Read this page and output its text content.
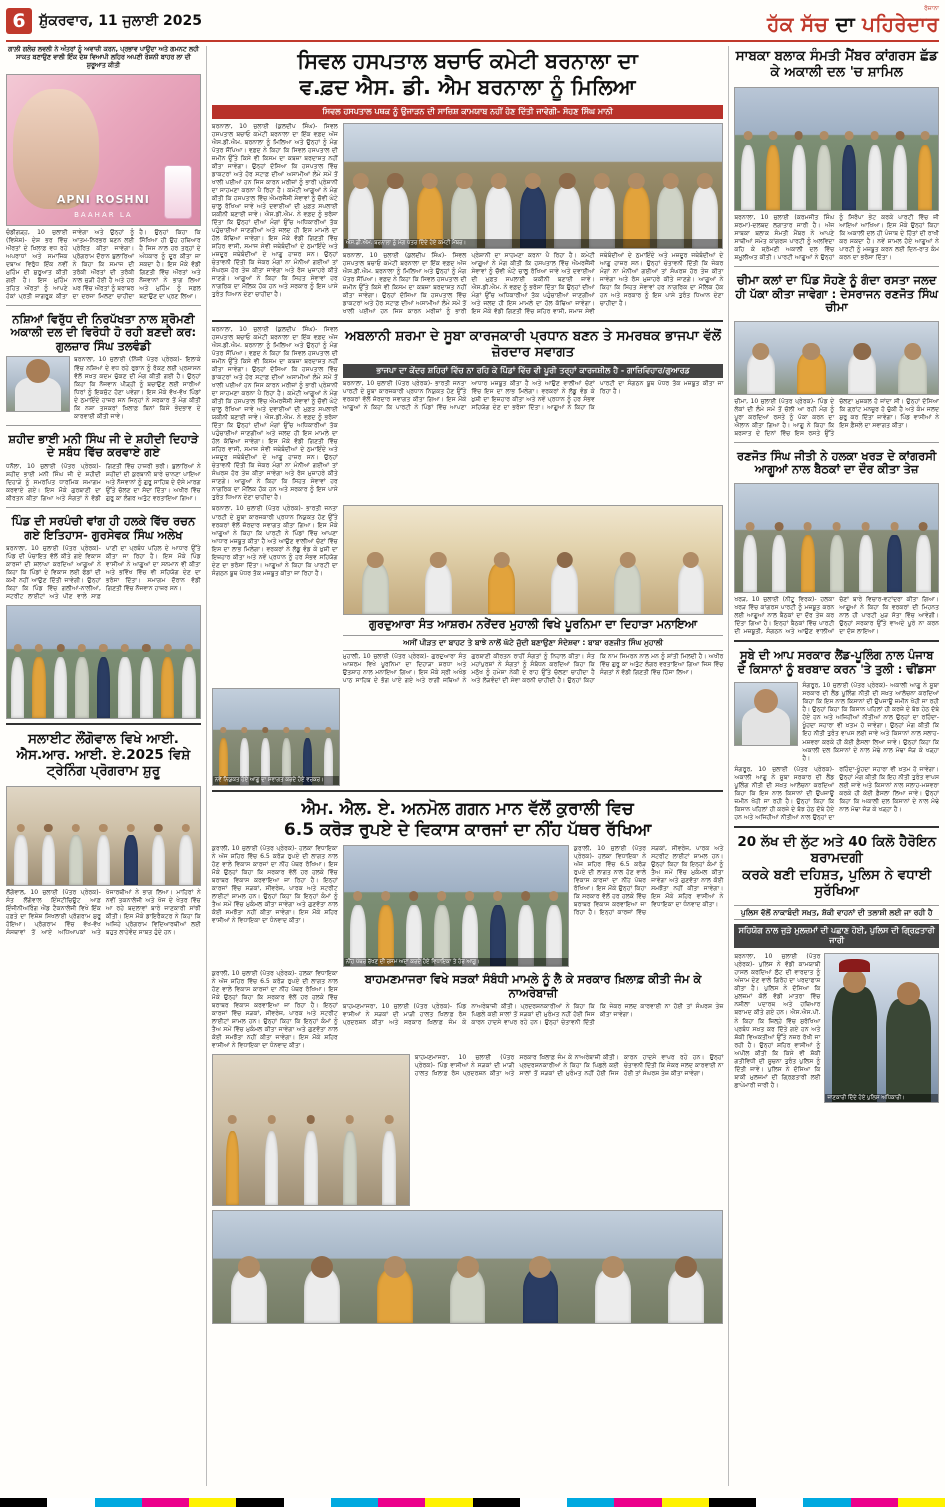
6 ਸ਼ੁੱਕਰਵਾਰ, 11 ਜੁਲਾਈ 2025
ਰੋਜ਼ਾਨਾ
ਹੱਕ ਸੱਚ ਦਾ ਪਹਿਰੇਦਾਰ
ਗਾਲ਼ੀ ਗਲੋਚ ਲਵਲੀ ਨੇ ਅੰਤਰਾਂ ਨੂੰ ਅਵਾਜ਼ੀ ਕਰਨ, ਪ੍ਰਭਾਵ ਪਾਉਂਦਾ ਅਤੇ ਗਮਨਟ ਲਹੀ ਸਾਕਤ ਬਣਾਉਣ ਵਾਲੀ ਇੰਕ ਦੇਸ਼ ਵਿਆਪੀ ਲਹਿਰ ਅਪਣੀ ਰੋਸ਼ਨੀ ਬਾਹਰ ਲਾ ਦੀ ਸ਼ੁਰੂਆਤ ਕੀਤੀ
APNI ROSHNI
BAAHAR LA
ਚੰਡੀਗੜ੍ਹ, 10 ਜੁਲਾਈ (ਵਿਸ਼ੇਸ਼)- ਦੇਸ਼ ਭਰ ਵਿੱਚ ਔਰਤਾਂ ਦੇ ਖ਼ਿਲਾਫ਼ ਵਧ ਰਹੇ ਅਪਰਾਧਾਂ ਅਤੇ ਸਮਾਜਿਕ ਦਬਾਅ ਵਿਰੁੱਧ ਇੱਕ ਨਵੀਂ ਮੁਹਿੰਮ ਦੀ ਸ਼ੁਰੂਆਤ ਕੀਤੀ ਗਈ ਹੈ। ਇਸ ਮੁਹਿੰਮ ਤਹਿਤ ਔਰਤਾਂ ਨੂੰ ਆਪਣੇ ਹੱਕਾਂ ਪ੍ਰਤੀ ਜਾਗਰੂਕ ਕੀਤਾ ਜਾਵੇਗਾ ਅਤੇ ਉਨ੍ਹਾਂ ਨੂੰ ਆਤਮ-ਨਿਰਭਰ ਬਣਨ ਲਈ ਪ੍ਰੇਰਿਤ ਕੀਤਾ ਜਾਵੇਗਾ। ਪ੍ਰੋਗਰਾਮ ਦੌਰਾਨ ਬੁਲਾਰਿਆਂ ਨੇ ਕਿਹਾ ਕਿ ਸਮਾਜ ਦੀ ਤਰੱਕੀ ਔਰਤਾਂ ਦੀ ਤਰੱਕੀ ਨਾਲ ਜੁੜੀ ਹੋਈ ਹੈ ਅਤੇ ਹਰ ਘਰ ਵਿੱਚ ਔਰਤਾਂ ਨੂੰ ਬਰਾਬਰ ਦਾ ਦਰਜਾ ਮਿਲਣਾ ਚਾਹੀਦਾ ਹੈ। ਉਨ੍ਹਾਂ ਕਿਹਾ ਕਿ ਸਿੱਖਿਆ ਹੀ ਉਹ ਹਥਿਆਰ ਹੈ ਜਿਸ ਨਾਲ ਹਰ ਤਰ੍ਹਾਂ ਦੇ ਅੰਧਕਾਰ ਨੂੰ ਦੂਰ ਕੀਤਾ ਜਾ ਸਕਦਾ ਹੈ। ਇਸ ਮੌਕੇ ਵੱਡੀ ਗਿਣਤੀ ਵਿੱਚ ਔਰਤਾਂ ਅਤੇ ਨੌਜਵਾਨਾਂ ਨੇ ਭਾਗ ਲਿਆ ਅਤੇ ਮੁਹਿੰਮ ਨੂੰ ਸਫ਼ਲ ਬਣਾਉਣ ਦਾ ਪ੍ਰਣ ਲਿਆ।
ਨਸ਼ਿਆਂ ਵਿਰੁੱਧ ਦੀ ਨਿਰਪੱਖਤਾ ਨਾਲ ਸ਼੍ਰੋਮਣੀ ਅਕਾਲੀ ਦਲ ਦੀ ਵਿਰੋਧੀ ਹੋ ਰਹੀ ਬਣਦੀ ਕਰ: ਗੁਲਜ਼ਾਰ ਸਿੰਘ ਤਲਵੰਡੀ
ਬਰਨਾਲਾ, 10 ਜੁਲਾਈ (ਨਿੱਜੀ ਪੱਤਰ ਪ੍ਰੇਰਕ)- ਇਲਾਕੇ ਵਿੱਚ ਨਸ਼ਿਆਂ ਦੇ ਵਧ ਰਹੇ ਰੁਝਾਨ ਨੂੰ ਰੋਕਣ ਲਈ ਪ੍ਰਸ਼ਾਸਨ ਵੱਲੋਂ ਸਖ਼ਤ ਕਦਮ ਚੁੱਕਣ ਦੀ ਮੰਗ ਕੀਤੀ ਗਈ ਹੈ। ਉਨ੍ਹਾਂ ਕਿਹਾ ਕਿ ਨੌਜਵਾਨ ਪੀੜ੍ਹੀ ਨੂੰ ਬਚਾਉਣ ਲਈ ਸਾਰੀਆਂ ਧਿਰਾਂ ਨੂੰ ਇਕਜੁੱਟ ਹੋਣਾ ਪਵੇਗਾ। ਇਸ ਮੌਕੇ ਵੱਖ-ਵੱਖ ਪਿੰਡਾਂ ਦੇ ਨੁਮਾਇੰਦੇ ਹਾਜ਼ਰ ਸਨ ਜਿਨ੍ਹਾਂ ਨੇ ਸਰਕਾਰ ਤੋਂ ਮੰਗ ਕੀਤੀ ਕਿ ਨਸ਼ਾ ਤਸਕਰਾਂ ਖ਼ਿਲਾਫ਼ ਬਿਨਾਂ ਕਿਸੇ ਭੇਦਭਾਵ ਦੇ ਕਾਰਵਾਈ ਕੀਤੀ ਜਾਵੇ।
ਸ਼ਹੀਦ ਭਾਈ ਮਨੀ ਸਿੰਘ ਜੀ ਦੇ ਸ਼ਹੀਦੀ ਦਿਹਾੜੇ ਦੇ ਸਬੰਧ ਵਿੱਚ ਕਰਵਾਏ ਗਏ
ਧਨੌਲਾ, 10 ਜੁਲਾਈ (ਪੱਤਰ ਪ੍ਰੇਰਕ)- ਸ਼ਹੀਦ ਭਾਈ ਮਨੀ ਸਿੰਘ ਜੀ ਦੇ ਸ਼ਹੀਦੀ ਦਿਹਾੜੇ ਨੂੰ ਸਮਰਪਿਤ ਧਾਰਮਿਕ ਸਮਾਗਮ ਕਰਵਾਏ ਗਏ। ਇਸ ਮੌਕੇ ਗੁਰਬਾਣੀ ਦਾ ਕੀਰਤਨ ਕੀਤਾ ਗਿਆ ਅਤੇ ਸੰਗਤਾਂ ਨੇ ਵੱਡੀ ਗਿਣਤੀ ਵਿੱਚ ਹਾਜ਼ਰੀ ਭਰੀ। ਬੁਲਾਰਿਆਂ ਨੇ ਸ਼ਹੀਦਾਂ ਦੀ ਕੁਰਬਾਨੀ ਬਾਰੇ ਚਾਨਣਾ ਪਾਇਆ ਅਤੇ ਨੌਜਵਾਨਾਂ ਨੂੰ ਗੁਰੂ ਸਾਹਿਬ ਦੇ ਦੱਸੇ ਮਾਰਗ ਉੱਤੇ ਚੱਲਣ ਦਾ ਸੱਦਾ ਦਿੱਤਾ। ਅਖੀਰ ਵਿੱਚ ਗੁਰੂ ਕਾ ਲੰਗਰ ਅਤੁੱਟ ਵਰਤਾਇਆ ਗਿਆ।
ਪਿੰਡ ਦੀ ਸਰਪੰਚੀ ਵਾਂਗ ਹੀ ਹਲਕੇ ਵਿੱਚ ਰਚਨ ਗਏ ਇਤਿਹਾਸ- ਗੁਰਸੇਵਕ ਸਿੰਘ ਅਲੇਖ
ਬਰਨਾਲਾ, 10 ਜੁਲਾਈ (ਪੱਤਰ ਪ੍ਰੇਰਕ)- ਪਿੰਡ ਦੀ ਪੰਚਾਇਤ ਵੱਲੋਂ ਕੀਤੇ ਗਏ ਵਿਕਾਸ ਕਾਰਜਾਂ ਦੀ ਸ਼ਲਾਘਾ ਕਰਦਿਆਂ ਆਗੂਆਂ ਨੇ ਕਿਹਾ ਕਿ ਪਿੰਡਾਂ ਦੇ ਵਿਕਾਸ ਲਈ ਫੰਡਾਂ ਦੀ ਕਮੀ ਨਹੀਂ ਆਉਣ ਦਿੱਤੀ ਜਾਵੇਗੀ। ਉਨ੍ਹਾਂ ਕਿਹਾ ਕਿ ਪਿੰਡ ਵਿੱਚ ਗਲੀਆਂ-ਨਾਲੀਆਂ, ਸਟਰੀਟ ਲਾਈਟਾਂ ਅਤੇ ਪੀਣ ਵਾਲੇ ਸਾਫ਼ ਪਾਣੀ ਦਾ ਪ੍ਰਬੰਧ ਪਹਿਲ ਦੇ ਆਧਾਰ ਉੱਤੇ ਕੀਤਾ ਜਾ ਰਿਹਾ ਹੈ। ਇਸ ਮੌਕੇ ਪਿੰਡ ਵਾਸੀਆਂ ਨੇ ਆਗੂਆਂ ਦਾ ਸਨਮਾਨ ਵੀ ਕੀਤਾ ਅਤੇ ਭਵਿੱਖ ਵਿੱਚ ਵੀ ਸਹਿਯੋਗ ਦੇਣ ਦਾ ਭਰੋਸਾ ਦਿੱਤਾ। ਸਮਾਗਮ ਦੌਰਾਨ ਵੱਡੀ ਗਿਣਤੀ ਵਿੱਚ ਨੌਜਵਾਨ ਹਾਜ਼ਰ ਸਨ।
ਸਲਾਈਟ ਲੌਂਗੋਵਾਲ ਵਿਖੇ ਆਈ. ਐਸ.ਆਰ. ਆਈ. ਏ.2025 ਵਿਸ਼ੇ ਟ੍ਰੇਨਿੰਗ ਪ੍ਰੋਗਰਾਮ ਸ਼ੁਰੂ
ਲੌਂਗੋਵਾਲ, 10 ਜੁਲਾਈ (ਪੱਤਰ ਪ੍ਰੇਰਕ)- ਸੰਤ ਲੌਂਗੋਵਾਲ ਇੰਸਟੀਚਿਊਟ ਆਫ਼ ਇੰਜੀਨੀਅਰਿੰਗ ਐਂਡ ਟੈਕਨਾਲੋਜੀ ਵਿਖੇ ਇੱਕ ਹਫ਼ਤੇ ਦਾ ਵਿਸ਼ੇਸ਼ ਸਿਖਲਾਈ ਪ੍ਰੋਗਰਾਮ ਸ਼ੁਰੂ ਹੋਇਆ। ਪ੍ਰੋਗਰਾਮ ਵਿੱਚ ਵੱਖ-ਵੱਖ ਸੰਸਥਾਵਾਂ ਤੋਂ ਆਏ ਅਧਿਆਪਕਾਂ ਅਤੇ ਖੋਜਾਰਥੀਆਂ ਨੇ ਭਾਗ ਲਿਆ। ਮਾਹਿਰਾਂ ਨੇ ਨਵੀਂ ਤਕਨਾਲੋਜੀ ਅਤੇ ਖੋਜ ਦੇ ਖੇਤਰ ਵਿੱਚ ਆ ਰਹੇ ਬਦਲਾਵਾਂ ਬਾਰੇ ਜਾਣਕਾਰੀ ਸਾਂਝੀ ਕੀਤੀ। ਇਸ ਮੌਕੇ ਡਾਇਰੈਕਟਰ ਨੇ ਕਿਹਾ ਕਿ ਅਜਿਹੇ ਪ੍ਰੋਗਰਾਮ ਵਿਦਿਆਰਥੀਆਂ ਲਈ ਬਹੁਤ ਲਾਹੇਵੰਦ ਸਾਬਤ ਹੁੰਦੇ ਹਨ।
ਸਿਵਲ ਹਸਪਤਾਲ ਬਚਾਓ ਕਮੇਟੀ ਬਰਨਾਲਾ ਦਾ
ਵ.ਫ਼ਦ ਐਸ. ਡੀ. ਐਮ ਬਰਨਾਲਾ ਨੂੰ ਮਿਲਿਆ
ਸਿਵਲ ਹਸਪਤਾਲ ਪਥਕ ਨੂੰ ਉਜਾੜਨ ਦੀ ਸਾਜ਼ਿਸ਼ ਕਾਮਯਾਬ ਨਹੀਂ ਹੋਣ ਦਿੱਤੀ ਜਾਵੇਗੀ- ਸੋਹਣ ਸਿੰਘ ਮਾਨੀ
ਬਰਨਾਲਾ, 10 ਜੁਲਾਈ (ਕੁਲਦੀਪ ਸਿੰਘ)- ਸਿਵਲ ਹਸਪਤਾਲ ਬਚਾਓ ਕਮੇਟੀ ਬਰਨਾਲਾ ਦਾ ਇੱਕ ਵਫ਼ਦ ਅੱਜ ਐਸ.ਡੀ.ਐਮ. ਬਰਨਾਲਾ ਨੂੰ ਮਿਲਿਆ ਅਤੇ ਉਨ੍ਹਾਂ ਨੂੰ ਮੰਗ ਪੱਤਰ ਸੌਂਪਿਆ। ਵਫ਼ਦ ਨੇ ਕਿਹਾ ਕਿ ਸਿਵਲ ਹਸਪਤਾਲ ਦੀ ਜ਼ਮੀਨ ਉੱਤੇ ਕਿਸੇ ਵੀ ਕਿਸਮ ਦਾ ਕਬਜ਼ਾ ਬਰਦਾਸ਼ਤ ਨਹੀਂ ਕੀਤਾ ਜਾਵੇਗਾ। ਉਨ੍ਹਾਂ ਦੱਸਿਆ ਕਿ ਹਸਪਤਾਲ ਵਿੱਚ ਡਾਕਟਰਾਂ ਅਤੇ ਹੋਰ ਸਟਾਫ਼ ਦੀਆਂ ਅਸਾਮੀਆਂ ਲੰਮੇ ਸਮੇਂ ਤੋਂ ਖਾਲੀ ਪਈਆਂ ਹਨ ਜਿਸ ਕਾਰਨ ਮਰੀਜ਼ਾਂ ਨੂੰ ਭਾਰੀ ਪ੍ਰੇਸ਼ਾਨੀ ਦਾ ਸਾਹਮਣਾ ਕਰਨਾ ਪੈ ਰਿਹਾ ਹੈ। ਕਮੇਟੀ ਆਗੂਆਂ ਨੇ ਮੰਗ ਕੀਤੀ ਕਿ ਹਸਪਤਾਲ ਵਿੱਚ ਐਮਰਜੈਂਸੀ ਸੇਵਾਵਾਂ ਨੂੰ ਚੌਵੀ ਘੰਟੇ ਚਾਲੂ ਰੱਖਿਆ ਜਾਵੇ ਅਤੇ ਦਵਾਈਆਂ ਦੀ ਮੁਫ਼ਤ ਸਪਲਾਈ ਯਕੀਨੀ ਬਣਾਈ ਜਾਵੇ। ਐਸ.ਡੀ.ਐਮ. ਨੇ ਵਫ਼ਦ ਨੂੰ ਭਰੋਸਾ ਦਿੱਤਾ ਕਿ ਉਨ੍ਹਾਂ ਦੀਆਂ ਮੰਗਾਂ ਉੱਚ ਅਧਿਕਾਰੀਆਂ ਤੱਕ ਪਹੁੰਚਾਈਆਂ ਜਾਣਗੀਆਂ ਅਤੇ ਜਲਦ ਹੀ ਇਸ ਮਾਮਲੇ ਦਾ ਹੱਲ ਕੱਢਿਆ ਜਾਵੇਗਾ। ਇਸ ਮੌਕੇ ਵੱਡੀ ਗਿਣਤੀ ਵਿੱਚ ਸ਼ਹਿਰ ਵਾਸੀ, ਸਮਾਜ ਸੇਵੀ ਜਥੇਬੰਦੀਆਂ ਦੇ ਨੁਮਾਇੰਦੇ ਅਤੇ ਮਜ਼ਦੂਰ ਜਥੇਬੰਦੀਆਂ ਦੇ ਆਗੂ ਹਾਜ਼ਰ ਸਨ। ਉਨ੍ਹਾਂ ਚੇਤਾਵਨੀ ਦਿੱਤੀ ਕਿ ਜੇਕਰ ਮੰਗਾਂ ਨਾ ਮੰਨੀਆਂ ਗਈਆਂ ਤਾਂ ਸੰਘਰਸ਼ ਹੋਰ ਤੇਜ਼ ਕੀਤਾ ਜਾਵੇਗਾ ਅਤੇ ਰੋਸ ਮੁਜ਼ਾਹਰੇ ਕੀਤੇ ਜਾਣਗੇ। ਆਗੂਆਂ ਨੇ ਕਿਹਾ ਕਿ ਸਿਹਤ ਸੇਵਾਵਾਂ ਹਰ ਨਾਗਰਿਕ ਦਾ ਮੌਲਿਕ ਹੱਕ ਹਨ ਅਤੇ ਸਰਕਾਰ ਨੂੰ ਇਸ ਪਾਸੇ ਤੁਰੰਤ ਧਿਆਨ ਦੇਣਾ ਚਾਹੀਦਾ ਹੈ।
ਐਸ.ਡੀ.ਐਮ. ਬਰਨਾਲਾ ਨੂੰ ਮੰਗ ਪੱਤਰ ਦਿੰਦੇ ਹੋਏ ਕਮੇਟੀ ਮੈਂਬਰ।
ਬਰਨਾਲਾ, 10 ਜੁਲਾਈ (ਕੁਲਦੀਪ ਸਿੰਘ)- ਸਿਵਲ ਹਸਪਤਾਲ ਬਚਾਓ ਕਮੇਟੀ ਬਰਨਾਲਾ ਦਾ ਇੱਕ ਵਫ਼ਦ ਅੱਜ ਐਸ.ਡੀ.ਐਮ. ਬਰਨਾਲਾ ਨੂੰ ਮਿਲਿਆ ਅਤੇ ਉਨ੍ਹਾਂ ਨੂੰ ਮੰਗ ਪੱਤਰ ਸੌਂਪਿਆ। ਵਫ਼ਦ ਨੇ ਕਿਹਾ ਕਿ ਸਿਵਲ ਹਸਪਤਾਲ ਦੀ ਜ਼ਮੀਨ ਉੱਤੇ ਕਿਸੇ ਵੀ ਕਿਸਮ ਦਾ ਕਬਜ਼ਾ ਬਰਦਾਸ਼ਤ ਨਹੀਂ ਕੀਤਾ ਜਾਵੇਗਾ। ਉਨ੍ਹਾਂ ਦੱਸਿਆ ਕਿ ਹਸਪਤਾਲ ਵਿੱਚ ਡਾਕਟਰਾਂ ਅਤੇ ਹੋਰ ਸਟਾਫ਼ ਦੀਆਂ ਅਸਾਮੀਆਂ ਲੰਮੇ ਸਮੇਂ ਤੋਂ ਖਾਲੀ ਪਈਆਂ ਹਨ ਜਿਸ ਕਾਰਨ ਮਰੀਜ਼ਾਂ ਨੂੰ ਭਾਰੀ ਪ੍ਰੇਸ਼ਾਨੀ ਦਾ ਸਾਹਮਣਾ ਕਰਨਾ ਪੈ ਰਿਹਾ ਹੈ। ਕਮੇਟੀ ਆਗੂਆਂ ਨੇ ਮੰਗ ਕੀਤੀ ਕਿ ਹਸਪਤਾਲ ਵਿੱਚ ਐਮਰਜੈਂਸੀ ਸੇਵਾਵਾਂ ਨੂੰ ਚੌਵੀ ਘੰਟੇ ਚਾਲੂ ਰੱਖਿਆ ਜਾਵੇ ਅਤੇ ਦਵਾਈਆਂ ਦੀ ਮੁਫ਼ਤ ਸਪਲਾਈ ਯਕੀਨੀ ਬਣਾਈ ਜਾਵੇ। ਐਸ.ਡੀ.ਐਮ. ਨੇ ਵਫ਼ਦ ਨੂੰ ਭਰੋਸਾ ਦਿੱਤਾ ਕਿ ਉਨ੍ਹਾਂ ਦੀਆਂ ਮੰਗਾਂ ਉੱਚ ਅਧਿਕਾਰੀਆਂ ਤੱਕ ਪਹੁੰਚਾਈਆਂ ਜਾਣਗੀਆਂ ਅਤੇ ਜਲਦ ਹੀ ਇਸ ਮਾਮਲੇ ਦਾ ਹੱਲ ਕੱਢਿਆ ਜਾਵੇਗਾ। ਇਸ ਮੌਕੇ ਵੱਡੀ ਗਿਣਤੀ ਵਿੱਚ ਸ਼ਹਿਰ ਵਾਸੀ, ਸਮਾਜ ਸੇਵੀ ਜਥੇਬੰਦੀਆਂ ਦੇ ਨੁਮਾਇੰਦੇ ਅਤੇ ਮਜ਼ਦੂਰ ਜਥੇਬੰਦੀਆਂ ਦੇ ਆਗੂ ਹਾਜ਼ਰ ਸਨ। ਉਨ੍ਹਾਂ ਚੇਤਾਵਨੀ ਦਿੱਤੀ ਕਿ ਜੇਕਰ ਮੰਗਾਂ ਨਾ ਮੰਨੀਆਂ ਗਈਆਂ ਤਾਂ ਸੰਘਰਸ਼ ਹੋਰ ਤੇਜ਼ ਕੀਤਾ ਜਾਵੇਗਾ ਅਤੇ ਰੋਸ ਮੁਜ਼ਾਹਰੇ ਕੀਤੇ ਜਾਣਗੇ। ਆਗੂਆਂ ਨੇ ਕਿਹਾ ਕਿ ਸਿਹਤ ਸੇਵਾਵਾਂ ਹਰ ਨਾਗਰਿਕ ਦਾ ਮੌਲਿਕ ਹੱਕ ਹਨ ਅਤੇ ਸਰਕਾਰ ਨੂੰ ਇਸ ਪਾਸੇ ਤੁਰੰਤ ਧਿਆਨ ਦੇਣਾ ਚਾਹੀਦਾ ਹੈ।
ਬਰਨਾਲਾ, 10 ਜੁਲਾਈ (ਕੁਲਦੀਪ ਸਿੰਘ)- ਸਿਵਲ ਹਸਪਤਾਲ ਬਚਾਓ ਕਮੇਟੀ ਬਰਨਾਲਾ ਦਾ ਇੱਕ ਵਫ਼ਦ ਅੱਜ ਐਸ.ਡੀ.ਐਮ. ਬਰਨਾਲਾ ਨੂੰ ਮਿਲਿਆ ਅਤੇ ਉਨ੍ਹਾਂ ਨੂੰ ਮੰਗ ਪੱਤਰ ਸੌਂਪਿਆ। ਵਫ਼ਦ ਨੇ ਕਿਹਾ ਕਿ ਸਿਵਲ ਹਸਪਤਾਲ ਦੀ ਜ਼ਮੀਨ ਉੱਤੇ ਕਿਸੇ ਵੀ ਕਿਸਮ ਦਾ ਕਬਜ਼ਾ ਬਰਦਾਸ਼ਤ ਨਹੀਂ ਕੀਤਾ ਜਾਵੇਗਾ। ਉਨ੍ਹਾਂ ਦੱਸਿਆ ਕਿ ਹਸਪਤਾਲ ਵਿੱਚ ਡਾਕਟਰਾਂ ਅਤੇ ਹੋਰ ਸਟਾਫ਼ ਦੀਆਂ ਅਸਾਮੀਆਂ ਲੰਮੇ ਸਮੇਂ ਤੋਂ ਖਾਲੀ ਪਈਆਂ ਹਨ ਜਿਸ ਕਾਰਨ ਮਰੀਜ਼ਾਂ ਨੂੰ ਭਾਰੀ ਪ੍ਰੇਸ਼ਾਨੀ ਦਾ ਸਾਹਮਣਾ ਕਰਨਾ ਪੈ ਰਿਹਾ ਹੈ। ਕਮੇਟੀ ਆਗੂਆਂ ਨੇ ਮੰਗ ਕੀਤੀ ਕਿ ਹਸਪਤਾਲ ਵਿੱਚ ਐਮਰਜੈਂਸੀ ਸੇਵਾਵਾਂ ਨੂੰ ਚੌਵੀ ਘੰਟੇ ਚਾਲੂ ਰੱਖਿਆ ਜਾਵੇ ਅਤੇ ਦਵਾਈਆਂ ਦੀ ਮੁਫ਼ਤ ਸਪਲਾਈ ਯਕੀਨੀ ਬਣਾਈ ਜਾਵੇ। ਐਸ.ਡੀ.ਐਮ. ਨੇ ਵਫ਼ਦ ਨੂੰ ਭਰੋਸਾ ਦਿੱਤਾ ਕਿ ਉਨ੍ਹਾਂ ਦੀਆਂ ਮੰਗਾਂ ਉੱਚ ਅਧਿਕਾਰੀਆਂ ਤੱਕ ਪਹੁੰਚਾਈਆਂ ਜਾਣਗੀਆਂ ਅਤੇ ਜਲਦ ਹੀ ਇਸ ਮਾਮਲੇ ਦਾ ਹੱਲ ਕੱਢਿਆ ਜਾਵੇਗਾ। ਇਸ ਮੌਕੇ ਵੱਡੀ ਗਿਣਤੀ ਵਿੱਚ ਸ਼ਹਿਰ ਵਾਸੀ, ਸਮਾਜ ਸੇਵੀ ਜਥੇਬੰਦੀਆਂ ਦੇ ਨੁਮਾਇੰਦੇ ਅਤੇ ਮਜ਼ਦੂਰ ਜਥੇਬੰਦੀਆਂ ਦੇ ਆਗੂ ਹਾਜ਼ਰ ਸਨ। ਉਨ੍ਹਾਂ ਚੇਤਾਵਨੀ ਦਿੱਤੀ ਕਿ ਜੇਕਰ ਮੰਗਾਂ ਨਾ ਮੰਨੀਆਂ ਗਈਆਂ ਤਾਂ ਸੰਘਰਸ਼ ਹੋਰ ਤੇਜ਼ ਕੀਤਾ ਜਾਵੇਗਾ ਅਤੇ ਰੋਸ ਮੁਜ਼ਾਹਰੇ ਕੀਤੇ ਜਾਣਗੇ। ਆਗੂਆਂ ਨੇ ਕਿਹਾ ਕਿ ਸਿਹਤ ਸੇਵਾਵਾਂ ਹਰ ਨਾਗਰਿਕ ਦਾ ਮੌਲਿਕ ਹੱਕ ਹਨ ਅਤੇ ਸਰਕਾਰ ਨੂੰ ਇਸ ਪਾਸੇ ਤੁਰੰਤ ਧਿਆਨ ਦੇਣਾ ਚਾਹੀਦਾ ਹੈ।
ਅਬਲਾਨੀ ਸ਼ਰਮਾ ਦੇ ਸੂਬਾ ਕਾਰਜਕਾਰੀ ਪ੍ਰਧਾਨ ਬਣਨ ਤੇ ਸਮਰਥਕ ਭਾਜਪਾ ਵੱਲੋਂ ਜ਼ੋਰਦਾਰ ਸਵਾਗਤ
ਭਾਜਪਾ ਦਾ ਕੇਂਦਰ ਸ਼ਹਿਰਾਂ ਵਿੱਚ ਨਾ ਰਹਿ ਕੇ ਪਿੰਡਾਂ ਵਿੱਚ ਵੀ ਪੂਰੀ ਤਰ੍ਹਾਂ ਕਾਰਜਸ਼ੀਲ ਹੈ - ਗਾਜ਼ਿਵਿਹਾਰ/ਗੁਆਰਡ
ਬਰਨਾਲਾ, 10 ਜੁਲਾਈ (ਪੱਤਰ ਪ੍ਰੇਰਕ)- ਭਾਰਤੀ ਜਨਤਾ ਪਾਰਟੀ ਦੇ ਸੂਬਾ ਕਾਰਜਕਾਰੀ ਪ੍ਰਧਾਨ ਨਿਯੁਕਤ ਹੋਣ ਉੱਤੇ ਵਰਕਰਾਂ ਵੱਲੋਂ ਜ਼ੋਰਦਾਰ ਸਵਾਗਤ ਕੀਤਾ ਗਿਆ। ਇਸ ਮੌਕੇ ਆਗੂਆਂ ਨੇ ਕਿਹਾ ਕਿ ਪਾਰਟੀ ਨੇ ਪਿੰਡਾਂ ਵਿੱਚ ਆਪਣਾ ਆਧਾਰ ਮਜ਼ਬੂਤ ਕੀਤਾ ਹੈ ਅਤੇ ਆਉਣ ਵਾਲੀਆਂ ਚੋਣਾਂ ਵਿੱਚ ਇਸ ਦਾ ਲਾਭ ਮਿਲੇਗਾ। ਵਰਕਰਾਂ ਨੇ ਲੱਡੂ ਵੰਡ ਕੇ ਖ਼ੁਸ਼ੀ ਦਾ ਇਜ਼ਹਾਰ ਕੀਤਾ ਅਤੇ ਨਵੇਂ ਪ੍ਰਧਾਨ ਨੂੰ ਹਰ ਸੰਭਵ ਸਹਿਯੋਗ ਦੇਣ ਦਾ ਭਰੋਸਾ ਦਿੱਤਾ। ਆਗੂਆਂ ਨੇ ਕਿਹਾ ਕਿ ਪਾਰਟੀ ਦਾ ਸੰਗਠਨ ਬੂਥ ਪੱਧਰ ਤੱਕ ਮਜ਼ਬੂਤ ਕੀਤਾ ਜਾ ਰਿਹਾ ਹੈ।
ਬਰਨਾਲਾ, 10 ਜੁਲਾਈ (ਪੱਤਰ ਪ੍ਰੇਰਕ)- ਭਾਰਤੀ ਜਨਤਾ ਪਾਰਟੀ ਦੇ ਸੂਬਾ ਕਾਰਜਕਾਰੀ ਪ੍ਰਧਾਨ ਨਿਯੁਕਤ ਹੋਣ ਉੱਤੇ ਵਰਕਰਾਂ ਵੱਲੋਂ ਜ਼ੋਰਦਾਰ ਸਵਾਗਤ ਕੀਤਾ ਗਿਆ। ਇਸ ਮੌਕੇ ਆਗੂਆਂ ਨੇ ਕਿਹਾ ਕਿ ਪਾਰਟੀ ਨੇ ਪਿੰਡਾਂ ਵਿੱਚ ਆਪਣਾ ਆਧਾਰ ਮਜ਼ਬੂਤ ਕੀਤਾ ਹੈ ਅਤੇ ਆਉਣ ਵਾਲੀਆਂ ਚੋਣਾਂ ਵਿੱਚ ਇਸ ਦਾ ਲਾਭ ਮਿਲੇਗਾ। ਵਰਕਰਾਂ ਨੇ ਲੱਡੂ ਵੰਡ ਕੇ ਖ਼ੁਸ਼ੀ ਦਾ ਇਜ਼ਹਾਰ ਕੀਤਾ ਅਤੇ ਨਵੇਂ ਪ੍ਰਧਾਨ ਨੂੰ ਹਰ ਸੰਭਵ ਸਹਿਯੋਗ ਦੇਣ ਦਾ ਭਰੋਸਾ ਦਿੱਤਾ। ਆਗੂਆਂ ਨੇ ਕਿਹਾ ਕਿ ਪਾਰਟੀ ਦਾ ਸੰਗਠਨ ਬੂਥ ਪੱਧਰ ਤੱਕ ਮਜ਼ਬੂਤ ਕੀਤਾ ਜਾ ਰਿਹਾ ਹੈ।
ਗੁਰਦੁਆਰਾ ਸੰਤ ਆਸ਼ਰਮ ਨਰੇਂਦਰ ਮੁਹਾਲੀ ਵਿਖੇ ਪੂਰਨਿਮਾ ਦਾ ਦਿਹਾੜਾ ਮਨਾਇਆ
ਅਸੀਂ ਪੀੜਤ ਦਾ ਬਾਹਟ ਤੇ ਬਾਝੇ ਨਾਲੋਂ ਘੱਟੇ ਜੁੱਦੀ ਬਣਾਉਣਾ ਸੰਦੇਸ਼ਵਾ : ਬਾਬਾ ਰਣਜੀਤ ਸਿੰਘ ਮੁਹਾਲੀ
ਮੁਹਾਲੀ, 10 ਜੁਲਾਈ (ਪੱਤਰ ਪ੍ਰੇਰਕ)- ਗੁਰਦੁਆਰਾ ਸੰਤ ਆਸ਼ਰਮ ਵਿਖੇ ਪੂਰਨਿਮਾ ਦਾ ਦਿਹਾੜਾ ਸ਼ਰਧਾ ਅਤੇ ਉਤਸ਼ਾਹ ਨਾਲ ਮਨਾਇਆ ਗਿਆ। ਇਸ ਮੌਕੇ ਸ੍ਰੀ ਅਖੰਡ ਪਾਠ ਸਾਹਿਬ ਦੇ ਭੋਗ ਪਾਏ ਗਏ ਅਤੇ ਰਾਗੀ ਜਥਿਆਂ ਨੇ ਗੁਰਬਾਣੀ ਕੀਰਤਨ ਰਾਹੀਂ ਸੰਗਤਾਂ ਨੂੰ ਨਿਹਾਲ ਕੀਤਾ। ਸੰਤ ਮਹਾਂਪੁਰਸ਼ਾਂ ਨੇ ਸੰਗਤਾਂ ਨੂੰ ਸੰਬੋਧਨ ਕਰਦਿਆਂ ਕਿਹਾ ਕਿ ਮਨੁੱਖ ਨੂੰ ਹਮੇਸ਼ਾ ਨੇਕੀ ਦੇ ਰਾਹ ਉੱਤੇ ਚੱਲਣਾ ਚਾਹੀਦਾ ਹੈ ਅਤੇ ਲੋੜਵੰਦਾਂ ਦੀ ਸੇਵਾ ਕਰਨੀ ਚਾਹੀਦੀ ਹੈ। ਉਨ੍ਹਾਂ ਕਿਹਾ ਕਿ ਨਾਮ ਸਿਮਰਨ ਨਾਲ ਮਨ ਨੂੰ ਸ਼ਾਂਤੀ ਮਿਲਦੀ ਹੈ। ਅਖੀਰ ਵਿੱਚ ਗੁਰੂ ਕਾ ਅਤੁੱਟ ਲੰਗਰ ਵਰਤਾਇਆ ਗਿਆ ਜਿਸ ਵਿੱਚ ਸੰਗਤਾਂ ਨੇ ਵੱਡੀ ਗਿਣਤੀ ਵਿੱਚ ਹਿੱਸਾ ਲਿਆ।
ਨਵੇਂ ਨਿਯੁਕਤ ਹੋਏ ਆਗੂ ਦਾ ਸਵਾਗਤ ਕਰਦੇ ਹੋਏ ਵਰਕਰ।
ਐਮ. ਐਲ. ਏ. ਅਨਮੋਲ ਗਗਨ ਮਾਨ ਵੱਲੋਂ ਕੁਰਾਲੀ ਵਿਚ
6.5 ਕਰੋੜ ਰੁਪਏ ਦੇ ਵਿਕਾਸ ਕਾਰਜਾਂ ਦਾ ਨੀਂਹ ਪੱਥਰ ਰੱਖਿਆ
ਕੁਰਾਲੀ, 10 ਜੁਲਾਈ (ਪੱਤਰ ਪ੍ਰੇਰਕ)- ਹਲਕਾ ਵਿਧਾਇਕਾ ਨੇ ਅੱਜ ਸ਼ਹਿਰ ਵਿੱਚ 6.5 ਕਰੋੜ ਰੁਪਏ ਦੀ ਲਾਗਤ ਨਾਲ ਹੋਣ ਵਾਲੇ ਵਿਕਾਸ ਕਾਰਜਾਂ ਦਾ ਨੀਂਹ ਪੱਥਰ ਰੱਖਿਆ। ਇਸ ਮੌਕੇ ਉਨ੍ਹਾਂ ਕਿਹਾ ਕਿ ਸਰਕਾਰ ਵੱਲੋਂ ਹਰ ਹਲਕੇ ਵਿੱਚ ਬਰਾਬਰ ਵਿਕਾਸ ਕਰਵਾਇਆ ਜਾ ਰਿਹਾ ਹੈ। ਇਨ੍ਹਾਂ ਕਾਰਜਾਂ ਵਿੱਚ ਸੜਕਾਂ, ਸੀਵਰੇਜ, ਪਾਰਕ ਅਤੇ ਸਟਰੀਟ ਲਾਈਟਾਂ ਸ਼ਾਮਲ ਹਨ। ਉਨ੍ਹਾਂ ਕਿਹਾ ਕਿ ਇਨ੍ਹਾਂ ਕੰਮਾਂ ਨੂੰ ਤੈਅ ਸਮੇਂ ਵਿੱਚ ਮੁਕੰਮਲ ਕੀਤਾ ਜਾਵੇਗਾ ਅਤੇ ਗੁਣਵੱਤਾ ਨਾਲ ਕੋਈ ਸਮਝੌਤਾ ਨਹੀਂ ਕੀਤਾ ਜਾਵੇਗਾ। ਇਸ ਮੌਕੇ ਸ਼ਹਿਰ ਵਾਸੀਆਂ ਨੇ ਵਿਧਾਇਕਾ ਦਾ ਧੰਨਵਾਦ ਕੀਤਾ।
ਨੀਂਹ ਪੱਥਰ ਰੱਖਣ ਦੀ ਰਸਮ ਅਦਾ ਕਰਦੇ ਹੋਏ ਵਿਧਾਇਕਾ ਤੇ ਹੋਰ ਆਗੂ।
ਕੁਰਾਲੀ, 10 ਜੁਲਾਈ (ਪੱਤਰ ਪ੍ਰੇਰਕ)- ਹਲਕਾ ਵਿਧਾਇਕਾ ਨੇ ਅੱਜ ਸ਼ਹਿਰ ਵਿੱਚ 6.5 ਕਰੋੜ ਰੁਪਏ ਦੀ ਲਾਗਤ ਨਾਲ ਹੋਣ ਵਾਲੇ ਵਿਕਾਸ ਕਾਰਜਾਂ ਦਾ ਨੀਂਹ ਪੱਥਰ ਰੱਖਿਆ। ਇਸ ਮੌਕੇ ਉਨ੍ਹਾਂ ਕਿਹਾ ਕਿ ਸਰਕਾਰ ਵੱਲੋਂ ਹਰ ਹਲਕੇ ਵਿੱਚ ਬਰਾਬਰ ਵਿਕਾਸ ਕਰਵਾਇਆ ਜਾ ਰਿਹਾ ਹੈ। ਇਨ੍ਹਾਂ ਕਾਰਜਾਂ ਵਿੱਚ ਸੜਕਾਂ, ਸੀਵਰੇਜ, ਪਾਰਕ ਅਤੇ ਸਟਰੀਟ ਲਾਈਟਾਂ ਸ਼ਾਮਲ ਹਨ। ਉਨ੍ਹਾਂ ਕਿਹਾ ਕਿ ਇਨ੍ਹਾਂ ਕੰਮਾਂ ਨੂੰ ਤੈਅ ਸਮੇਂ ਵਿੱਚ ਮੁਕੰਮਲ ਕੀਤਾ ਜਾਵੇਗਾ ਅਤੇ ਗੁਣਵੱਤਾ ਨਾਲ ਕੋਈ ਸਮਝੌਤਾ ਨਹੀਂ ਕੀਤਾ ਜਾਵੇਗਾ। ਇਸ ਮੌਕੇ ਸ਼ਹਿਰ ਵਾਸੀਆਂ ਨੇ ਵਿਧਾਇਕਾ ਦਾ ਧੰਨਵਾਦ ਕੀਤਾ।
ਕੁਰਾਲੀ, 10 ਜੁਲਾਈ (ਪੱਤਰ ਪ੍ਰੇਰਕ)- ਹਲਕਾ ਵਿਧਾਇਕਾ ਨੇ ਅੱਜ ਸ਼ਹਿਰ ਵਿੱਚ 6.5 ਕਰੋੜ ਰੁਪਏ ਦੀ ਲਾਗਤ ਨਾਲ ਹੋਣ ਵਾਲੇ ਵਿਕਾਸ ਕਾਰਜਾਂ ਦਾ ਨੀਂਹ ਪੱਥਰ ਰੱਖਿਆ। ਇਸ ਮੌਕੇ ਉਨ੍ਹਾਂ ਕਿਹਾ ਕਿ ਸਰਕਾਰ ਵੱਲੋਂ ਹਰ ਹਲਕੇ ਵਿੱਚ ਬਰਾਬਰ ਵਿਕਾਸ ਕਰਵਾਇਆ ਜਾ ਰਿਹਾ ਹੈ। ਇਨ੍ਹਾਂ ਕਾਰਜਾਂ ਵਿੱਚ ਸੜਕਾਂ, ਸੀਵਰੇਜ, ਪਾਰਕ ਅਤੇ ਸਟਰੀਟ ਲਾਈਟਾਂ ਸ਼ਾਮਲ ਹਨ। ਉਨ੍ਹਾਂ ਕਿਹਾ ਕਿ ਇਨ੍ਹਾਂ ਕੰਮਾਂ ਨੂੰ ਤੈਅ ਸਮੇਂ ਵਿੱਚ ਮੁਕੰਮਲ ਕੀਤਾ ਜਾਵੇਗਾ ਅਤੇ ਗੁਣਵੱਤਾ ਨਾਲ ਕੋਈ ਸਮਝੌਤਾ ਨਹੀਂ ਕੀਤਾ ਜਾਵੇਗਾ। ਇਸ ਮੌਕੇ ਸ਼ਹਿਰ ਵਾਸੀਆਂ ਨੇ ਵਿਧਾਇਕਾ ਦਾ ਧੰਨਵਾਦ ਕੀਤਾ।
ਬਾਹਮਣਮਾਜਰਾ ਵਿਖੇ ਸੜਕਾਂ ਸੰਬੰਧੀ ਮਾਮਲੇ ਨੂੰ ਲੈ ਕੇ ਸਰਕਾਰ ਖ਼ਿਲਾਫ਼ ਕੀਤੀ ਜੰਮ ਕੇ ਨਾਅਰੇਬਾਜ਼ੀ
ਬਾਹਮਣਮਾਜਰਾ, 10 ਜੁਲਾਈ (ਪੱਤਰ ਪ੍ਰੇਰਕ)- ਪਿੰਡ ਵਾਸੀਆਂ ਨੇ ਸੜਕਾਂ ਦੀ ਮਾੜੀ ਹਾਲਤ ਖ਼ਿਲਾਫ਼ ਰੋਸ ਪ੍ਰਦਰਸ਼ਨ ਕੀਤਾ ਅਤੇ ਸਰਕਾਰ ਖ਼ਿਲਾਫ਼ ਜੰਮ ਕੇ ਨਾਅਰੇਬਾਜ਼ੀ ਕੀਤੀ। ਪ੍ਰਦਰਸ਼ਨਕਾਰੀਆਂ ਨੇ ਕਿਹਾ ਕਿ ਪਿਛਲੇ ਕਈ ਸਾਲਾਂ ਤੋਂ ਸੜਕਾਂ ਦੀ ਮੁਰੰਮਤ ਨਹੀਂ ਹੋਈ ਜਿਸ ਕਾਰਨ ਹਾਦਸੇ ਵਾਪਰ ਰਹੇ ਹਨ। ਉਨ੍ਹਾਂ ਚੇਤਾਵਨੀ ਦਿੱਤੀ ਕਿ ਜੇਕਰ ਜਲਦ ਕਾਰਵਾਈ ਨਾ ਹੋਈ ਤਾਂ ਸੰਘਰਸ਼ ਤੇਜ਼ ਕੀਤਾ ਜਾਵੇਗਾ।
ਬਾਹਮਣਮਾਜਰਾ, 10 ਜੁਲਾਈ (ਪੱਤਰ ਪ੍ਰੇਰਕ)- ਪਿੰਡ ਵਾਸੀਆਂ ਨੇ ਸੜਕਾਂ ਦੀ ਮਾੜੀ ਹਾਲਤ ਖ਼ਿਲਾਫ਼ ਰੋਸ ਪ੍ਰਦਰਸ਼ਨ ਕੀਤਾ ਅਤੇ ਸਰਕਾਰ ਖ਼ਿਲਾਫ਼ ਜੰਮ ਕੇ ਨਾਅਰੇਬਾਜ਼ੀ ਕੀਤੀ। ਪ੍ਰਦਰਸ਼ਨਕਾਰੀਆਂ ਨੇ ਕਿਹਾ ਕਿ ਪਿਛਲੇ ਕਈ ਸਾਲਾਂ ਤੋਂ ਸੜਕਾਂ ਦੀ ਮੁਰੰਮਤ ਨਹੀਂ ਹੋਈ ਜਿਸ ਕਾਰਨ ਹਾਦਸੇ ਵਾਪਰ ਰਹੇ ਹਨ। ਉਨ੍ਹਾਂ ਚੇਤਾਵਨੀ ਦਿੱਤੀ ਕਿ ਜੇਕਰ ਜਲਦ ਕਾਰਵਾਈ ਨਾ ਹੋਈ ਤਾਂ ਸੰਘਰਸ਼ ਤੇਜ਼ ਕੀਤਾ ਜਾਵੇਗਾ।
ਸਾਬਕਾ ਬਲਾਕ ਸੰਮਤੀ ਮੈਂਬਰ ਕਾਂਗਰਸ ਛੱਡ ਕੇ ਅਕਾਲੀ ਦਲ 'ਚ ਸ਼ਾਮਿਲ
ਬਰਨਾਲਾ, 10 ਜੁਲਾਈ (ਕਰਮਜੀਤ ਸਿੰਘ ਸ਼ਰਮਾ)-ਦਲਬਦ ਲਗਾਤਾਰ ਜਾਰੀ ਹੈ। ਅੱਜ ਸਾਬਕਾ ਬਲਾਕ ਸੰਮਤੀ ਮੈਂਬਰ ਨੇ ਆਪਣੇ ਸਾਥੀਆਂ ਸਮੇਤ ਕਾਂਗਰਸ ਪਾਰਟੀ ਨੂੰ ਅਲਵਿਦਾ ਕਹਿ ਕੇ ਸ਼੍ਰੋਮਣੀ ਅਕਾਲੀ ਦਲ ਵਿੱਚ ਸ਼ਮੂਲੀਅਤ ਕੀਤੀ। ਪਾਰਟੀ ਆਗੂਆਂ ਨੇ ਉਨ੍ਹਾਂ ਨੂੰ ਸਿਰੋਪਾ ਭੇਟ ਕਰਕੇ ਪਾਰਟੀ ਵਿੱਚ ਜੀ ਆਇਆਂ ਆਖਿਆ। ਇਸ ਮੌਕੇ ਉਨ੍ਹਾਂ ਕਿਹਾ ਕਿ ਅਕਾਲੀ ਦਲ ਹੀ ਪੰਜਾਬ ਦੇ ਹਿੱਤਾਂ ਦੀ ਰਾਖੀ ਕਰ ਸਕਦਾ ਹੈ। ਨਵੇਂ ਸ਼ਾਮਲ ਹੋਏ ਆਗੂਆਂ ਨੇ ਪਾਰਟੀ ਨੂੰ ਮਜ਼ਬੂਤ ਕਰਨ ਲਈ ਦਿਨ-ਰਾਤ ਕੰਮ ਕਰਨ ਦਾ ਭਰੋਸਾ ਦਿੱਤਾ।
ਚੀਮਾ ਕਲਾਂ ਦਾ ਪਿੰਡ ਸੋਹਣੇ ਨੂੰ ਗੰਦਾ ਰਸਤਾ ਜਲਦ ਹੀ ਪੱਕਾ ਕੀਤਾ ਜਾਵੇਗਾ : ਦੇਸਰਾਜਨ ਰਣਜੋਤ ਸਿੰਘ ਚੀਮਾ
ਚੀਮਾ, 10 ਜੁਲਾਈ (ਪੱਤਰ ਪ੍ਰੇਰਕ)- ਪਿੰਡ ਦੇ ਲੋਕਾਂ ਦੀ ਲੰਮੇ ਸਮੇਂ ਤੋਂ ਚੱਲੀ ਆ ਰਹੀ ਮੰਗ ਨੂੰ ਪੂਰਾ ਕਰਦਿਆਂ ਰਸਤੇ ਨੂੰ ਪੱਕਾ ਕਰਨ ਦਾ ਐਲਾਨ ਕੀਤਾ ਗਿਆ ਹੈ। ਆਗੂ ਨੇ ਕਿਹਾ ਕਿ ਬਰਸਾਤ ਦੇ ਦਿਨਾਂ ਵਿੱਚ ਇਸ ਰਸਤੇ ਉੱਤੇ ਚੱਲਣਾ ਮੁਸ਼ਕਲ ਹੋ ਜਾਂਦਾ ਸੀ। ਉਨ੍ਹਾਂ ਦੱਸਿਆ ਕਿ ਗ੍ਰਾਂਟ ਮਨਜ਼ੂਰ ਹੋ ਚੁੱਕੀ ਹੈ ਅਤੇ ਕੰਮ ਜਲਦ ਸ਼ੁਰੂ ਕਰ ਦਿੱਤਾ ਜਾਵੇਗਾ। ਪਿੰਡ ਵਾਸੀਆਂ ਨੇ ਇਸ ਫ਼ੈਸਲੇ ਦਾ ਸਵਾਗਤ ਕੀਤਾ।
ਰਣਜੋਤ ਸਿੰਘ ਜੀਤੀ ਨੇ ਹਲਕਾ ਖਰੜ ਦੇ ਕਾਂਗਰਸੀ ਆਗੂਆਂ ਨਾਲ ਬੈਠਕਾਂ ਦਾ ਦੌਰ ਕੀਤਾ ਤੇਜ਼
ਖਰੜ, 10 ਜੁਲਾਈ (ਨੀਟੂ ਵਿਰਕ)- ਹਲਕਾ ਖਰੜ ਵਿੱਚ ਕਾਂਗਰਸ ਪਾਰਟੀ ਨੂੰ ਮਜ਼ਬੂਤ ਕਰਨ ਲਈ ਆਗੂਆਂ ਨਾਲ ਬੈਠਕਾਂ ਦਾ ਦੌਰ ਤੇਜ਼ ਕਰ ਦਿੱਤਾ ਗਿਆ ਹੈ। ਇਨ੍ਹਾਂ ਬੈਠਕਾਂ ਵਿੱਚ ਪਾਰਟੀ ਦੀ ਮਜ਼ਬੂਤੀ, ਸੰਗਠਨ ਅਤੇ ਆਉਣ ਵਾਲੀਆਂ ਚੋਣਾਂ ਬਾਰੇ ਵਿਚਾਰ-ਵਟਾਂਦਰਾ ਕੀਤਾ ਗਿਆ। ਆਗੂਆਂ ਨੇ ਕਿਹਾ ਕਿ ਵਰਕਰਾਂ ਦੀ ਮਿਹਨਤ ਨਾਲ ਹੀ ਪਾਰਟੀ ਮੁੜ ਸੱਤਾ ਵਿੱਚ ਆਵੇਗੀ। ਉਨ੍ਹਾਂ ਸਰਕਾਰ ਉੱਤੇ ਵਾਅਦੇ ਪੂਰੇ ਨਾ ਕਰਨ ਦਾ ਦੋਸ਼ ਲਾਇਆ।
ਸੂਬੇ ਦੀ ਆਪ ਸਰਕਾਰ ਲੈਂਡ-ਪੂਲਿੰਗ ਨਾਲ ਪੰਜਾਬ ਦੇ ਕਿਸਾਨਾਂ ਨੂੰ ਬਰਬਾਦ ਕਰਨ 'ਤੇ ਤੁਲੀ : ਢੀਂਡਸਾ
ਸੰਗਰੂਰ, 10 ਜੁਲਾਈ (ਪੱਤਰ ਪ੍ਰੇਰਕ)- ਅਕਾਲੀ ਆਗੂ ਨੇ ਸੂਬਾ ਸਰਕਾਰ ਦੀ ਲੈਂਡ ਪੂਲਿੰਗ ਨੀਤੀ ਦੀ ਸਖ਼ਤ ਆਲੋਚਨਾ ਕਰਦਿਆਂ ਕਿਹਾ ਕਿ ਇਸ ਨਾਲ ਕਿਸਾਨਾਂ ਦੀ ਉਪਜਾਊ ਜ਼ਮੀਨ ਖੋਹੀ ਜਾ ਰਹੀ ਹੈ। ਉਨ੍ਹਾਂ ਕਿਹਾ ਕਿ ਕਿਸਾਨ ਪਹਿਲਾਂ ਹੀ ਕਰਜ਼ੇ ਦੇ ਬੋਝ ਹੇਠ ਦੱਬੇ ਹੋਏ ਹਨ ਅਤੇ ਅਜਿਹੀਆਂ ਨੀਤੀਆਂ ਨਾਲ ਉਨ੍ਹਾਂ ਦਾ ਰਹਿੰਦਾ-ਖੂੰਹਦਾ ਸਹਾਰਾ ਵੀ ਖ਼ਤਮ ਹੋ ਜਾਵੇਗਾ। ਉਨ੍ਹਾਂ ਮੰਗ ਕੀਤੀ ਕਿ ਇਹ ਨੀਤੀ ਤੁਰੰਤ ਵਾਪਸ ਲਈ ਜਾਵੇ ਅਤੇ ਕਿਸਾਨਾਂ ਨਾਲ ਸਲਾਹ-ਮਸ਼ਵਰਾ ਕਰਕੇ ਹੀ ਕੋਈ ਫ਼ੈਸਲਾ ਲਿਆ ਜਾਵੇ। ਉਨ੍ਹਾਂ ਕਿਹਾ ਕਿ ਅਕਾਲੀ ਦਲ ਕਿਸਾਨਾਂ ਦੇ ਨਾਲ ਮੋਢੇ ਨਾਲ ਮੋਢਾ ਜੋੜ ਕੇ ਖੜ੍ਹਾ ਹੈ।
ਸੰਗਰੂਰ, 10 ਜੁਲਾਈ (ਪੱਤਰ ਪ੍ਰੇਰਕ)- ਅਕਾਲੀ ਆਗੂ ਨੇ ਸੂਬਾ ਸਰਕਾਰ ਦੀ ਲੈਂਡ ਪੂਲਿੰਗ ਨੀਤੀ ਦੀ ਸਖ਼ਤ ਆਲੋਚਨਾ ਕਰਦਿਆਂ ਕਿਹਾ ਕਿ ਇਸ ਨਾਲ ਕਿਸਾਨਾਂ ਦੀ ਉਪਜਾਊ ਜ਼ਮੀਨ ਖੋਹੀ ਜਾ ਰਹੀ ਹੈ। ਉਨ੍ਹਾਂ ਕਿਹਾ ਕਿ ਕਿਸਾਨ ਪਹਿਲਾਂ ਹੀ ਕਰਜ਼ੇ ਦੇ ਬੋਝ ਹੇਠ ਦੱਬੇ ਹੋਏ ਹਨ ਅਤੇ ਅਜਿਹੀਆਂ ਨੀਤੀਆਂ ਨਾਲ ਉਨ੍ਹਾਂ ਦਾ ਰਹਿੰਦਾ-ਖੂੰਹਦਾ ਸਹਾਰਾ ਵੀ ਖ਼ਤਮ ਹੋ ਜਾਵੇਗਾ। ਉਨ੍ਹਾਂ ਮੰਗ ਕੀਤੀ ਕਿ ਇਹ ਨੀਤੀ ਤੁਰੰਤ ਵਾਪਸ ਲਈ ਜਾਵੇ ਅਤੇ ਕਿਸਾਨਾਂ ਨਾਲ ਸਲਾਹ-ਮਸ਼ਵਰਾ ਕਰਕੇ ਹੀ ਕੋਈ ਫ਼ੈਸਲਾ ਲਿਆ ਜਾਵੇ। ਉਨ੍ਹਾਂ ਕਿਹਾ ਕਿ ਅਕਾਲੀ ਦਲ ਕਿਸਾਨਾਂ ਦੇ ਨਾਲ ਮੋਢੇ ਨਾਲ ਮੋਢਾ ਜੋੜ ਕੇ ਖੜ੍ਹਾ ਹੈ।
20 ਲੱਖ ਦੀ ਲੁੱਟ ਅਤੇ 40 ਕਿਲੋ ਹੈਰੋਇਨ ਬਰਾਮਦਗੀ
ਕਰਕੇ ਬਣੀ ਦਹਿਸ਼ਤ, ਪੁਲਿਸ ਨੇ ਵਧਾਈ ਸੁਰੱਖਿਆ
ਪੁਲਿਸ ਵੱਲੋਂ ਨਾਕਾਬੰਦੀ ਸਖ਼ਤ, ਸ਼ੱਕੀ ਵਾਹਨਾਂ ਦੀ ਤਲਾਸ਼ੀ ਲਈ ਜਾ ਰਹੀ ਹੈ
ਸਹਿਯੋਗ ਨਾਲ ਜੁੜੇ ਮੁਲਜ਼ਮਾਂ ਦੀ ਪਛਾਣ ਹੋਈ, ਪੁਲਿਸ ਦੀ ਗ੍ਰਿਫ਼ਤਾਰੀ ਜਾਰੀ
ਬਰਨਾਲਾ, 10 ਜੁਲਾਈ (ਪੱਤਰ ਪ੍ਰੇਰਕ)- ਪੁਲਿਸ ਨੇ ਵੱਡੀ ਕਾਮਯਾਬੀ ਹਾਸਲ ਕਰਦਿਆਂ ਲੁੱਟ ਦੀ ਵਾਰਦਾਤ ਨੂੰ ਅੰਜਾਮ ਦੇਣ ਵਾਲੇ ਗਿਰੋਹ ਦਾ ਪਰਦਾਫਾਸ਼ ਕੀਤਾ ਹੈ। ਪੁਲਿਸ ਨੇ ਦੱਸਿਆ ਕਿ ਮੁਲਜ਼ਮਾਂ ਕੋਲੋਂ ਵੱਡੀ ਮਾਤਰਾ ਵਿੱਚ ਨਸ਼ੀਲਾ ਪਦਾਰਥ ਅਤੇ ਹਥਿਆਰ ਬਰਾਮਦ ਕੀਤੇ ਗਏ ਹਨ। ਐਸ.ਐਸ.ਪੀ. ਨੇ ਕਿਹਾ ਕਿ ਜ਼ਿਲ੍ਹੇ ਵਿੱਚ ਸੁਰੱਖਿਆ ਪ੍ਰਬੰਧ ਸਖ਼ਤ ਕਰ ਦਿੱਤੇ ਗਏ ਹਨ ਅਤੇ ਸ਼ੱਕੀ ਵਿਅਕਤੀਆਂ ਉੱਤੇ ਨਜ਼ਰ ਰੱਖੀ ਜਾ ਰਹੀ ਹੈ। ਉਨ੍ਹਾਂ ਸ਼ਹਿਰ ਵਾਸੀਆਂ ਨੂੰ ਅਪੀਲ ਕੀਤੀ ਕਿ ਕਿਸੇ ਵੀ ਸ਼ੱਕੀ ਗਤੀਵਿਧੀ ਦੀ ਸੂਚਨਾ ਤੁਰੰਤ ਪੁਲਿਸ ਨੂੰ ਦਿੱਤੀ ਜਾਵੇ। ਪੁਲਿਸ ਨੇ ਦੱਸਿਆ ਕਿ ਬਾਕੀ ਮੁਲਜ਼ਮਾਂ ਦੀ ਗ੍ਰਿਫ਼ਤਾਰੀ ਲਈ ਛਾਪੇਮਾਰੀ ਜਾਰੀ ਹੈ।
ਜਾਣਕਾਰੀ ਦਿੰਦੇ ਹੋਏ ਪੁਲਿਸ ਅਧਿਕਾਰੀ।
